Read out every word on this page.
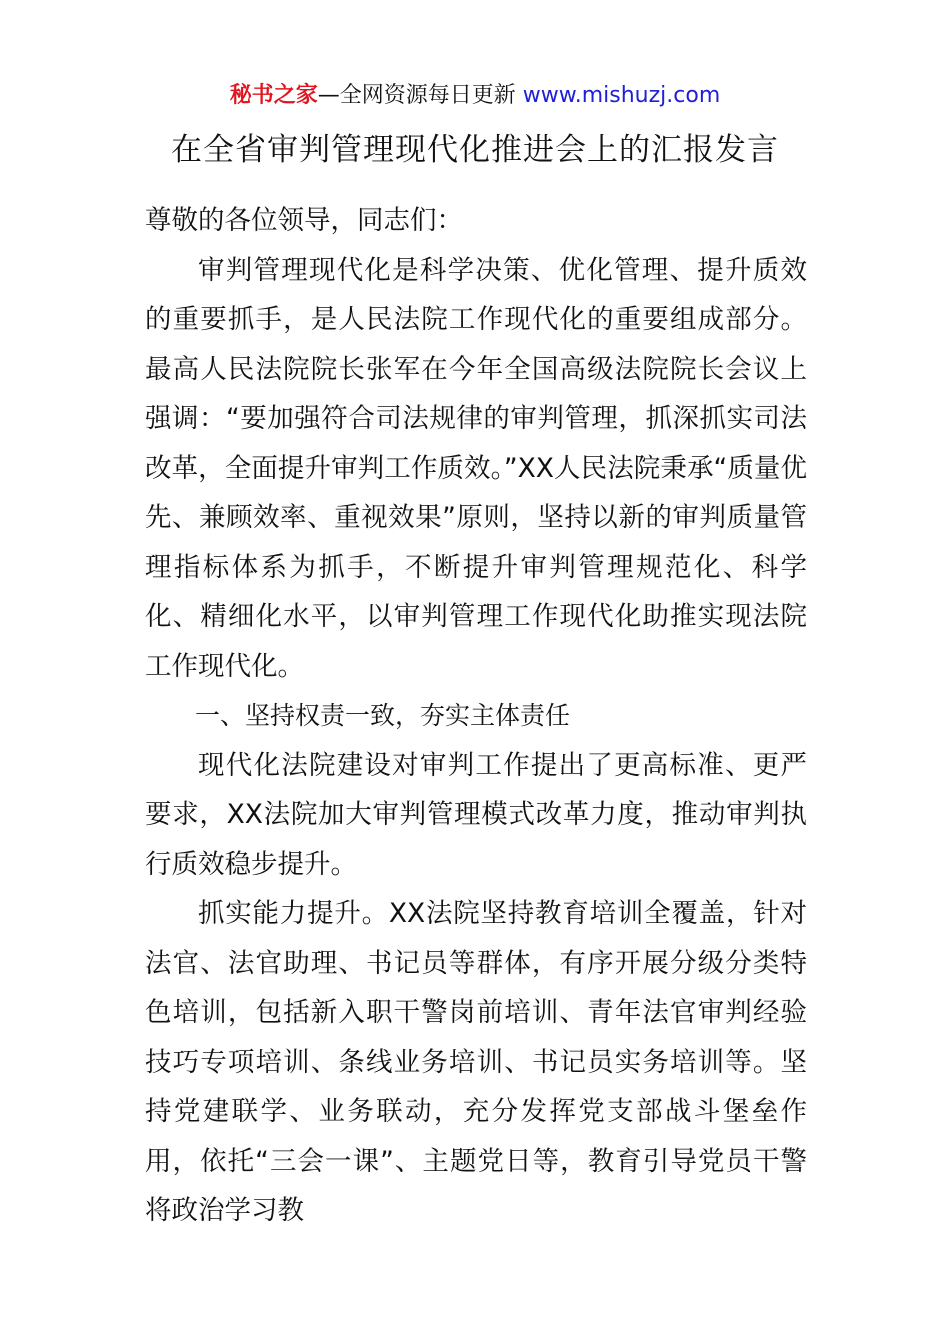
秘书之家—全网资源每日更新 www.mishuzj.com
在全省审判管理现代化推进会上的汇报发言

尊敬的各位领导，同志们：

审判管理现代化是科学决策、优化管理、提升质效的重要抓手，是人民法院工作现代化的重要组成部分。最高人民法院院长张军在今年全国高级法院院长会议上强调：“要加强符合司法规律的审判管理，抓深抓实司法改革，全面提升审判工作质效。”XX人民法院秉承“质量优先、兼顾效率、重视效果”原则，坚持以新的审判质量管理指标体系为抓手，不断提升审判管理规范化、科学化、精细化水平，以审判管理工作现代化助推实现法院工作现代化。

一、坚持权责一致，夯实主体责任

现代化法院建设对审判工作提出了更高标准、更严要求，XX法院加大审判管理模式改革力度，推动审判执行质效稳步提升。

抓实能力提升。XX法院坚持教育培训全覆盖，针对法官、法官助理、书记员等群体，有序开展分级分类特色培训，包括新入职干警岗前培训、青年法官审判经验技巧专项培训、条线业务培训、书记员实务培训等。坚持党建联学、业务联动，充分发挥党支部战斗堡垒作用，依托“三会一课”、主题党日等，教育引导党员干警将政治学习教
